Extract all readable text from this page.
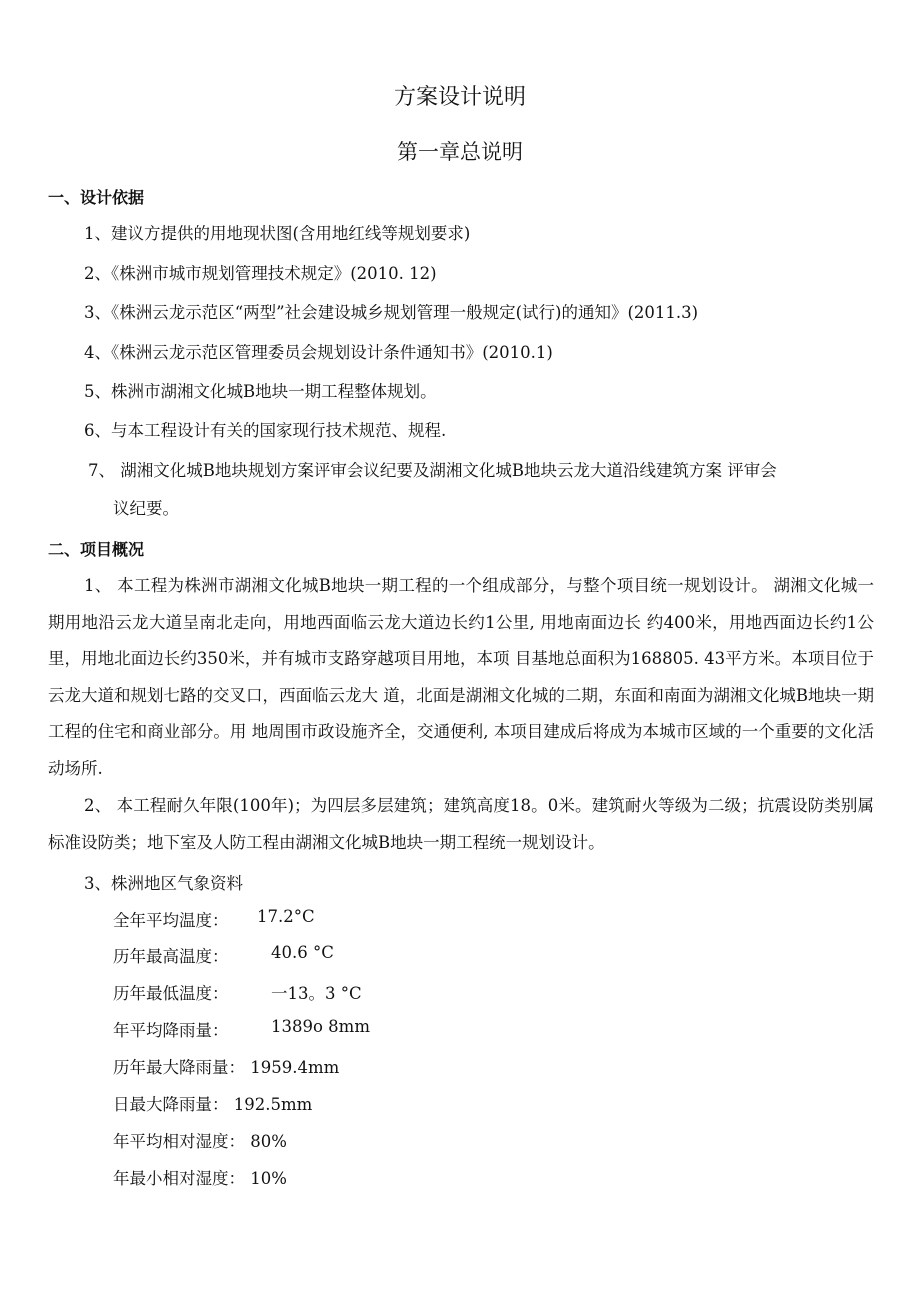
方案设计说明
第一章总说明
一、设计依据
1、建议方提供的用地现状图(含用地红线等规划要求)
2、《株洲市城市规划管理技术规定》(2010. 12)
3、《株洲云龙示范区“两型”社会建设城乡规划管理一般规定(试行)的通知》(2011.3)
4、《株洲云龙示范区管理委员会规划设计条件通知书》(2010.1)
5、株洲市湖湘文化城B地块一期工程整体规划。
6、与本工程设计有关的国家现行技术规范、规程.
7、 湖湘文化城B地块规划方案评审会议纪要及湖湘文化城B地块云龙大道沿线建筑方案 评审会
议纪要。
二、项目概况

1、 本工程为株洲市湖湘文化城B地块一期工程的一个组成部分，与整个项目统一规划设计。 湖湘文化城一期用地沿云龙大道呈南北走向，用地西面临云龙大道边长约1公里, 用地南面边长 约400米，用地西面边长约1公里，用地北面边长约350米，并有城市支路穿越项目用地，本项 目基地总面积为168805. 43平方米。本项目位于云龙大道和规划七路的交叉口，西面临云龙大 道，北面是湖湘文化城的二期，东面和南面为湖湘文化城B地块一期工程的住宅和商业部分。用 地周围市政设施齐全，交通便利, 本项目建成后将成为本城市区域的一个重要的文化活动场所.

2、 本工程耐久年限(100年)；为四层多层建筑；建筑高度18。0米。建筑耐火等级为二级；抗震设防类别属标准设防类；地下室及人防工程由湖湘文化城B地块一期工程统一规划设计。

3、株洲地区气象资料
全年平均温度： 17.2°C
历年最高温度：	40.6 °C
历年最低温度：	一13。3 °C
年平均降雨量：	1389o 8mm
历年最大降雨量： 1959.4mm
日最大降雨量： 192.5mm
年平均相对湿度： 80%
年最小相对湿度： 10%
